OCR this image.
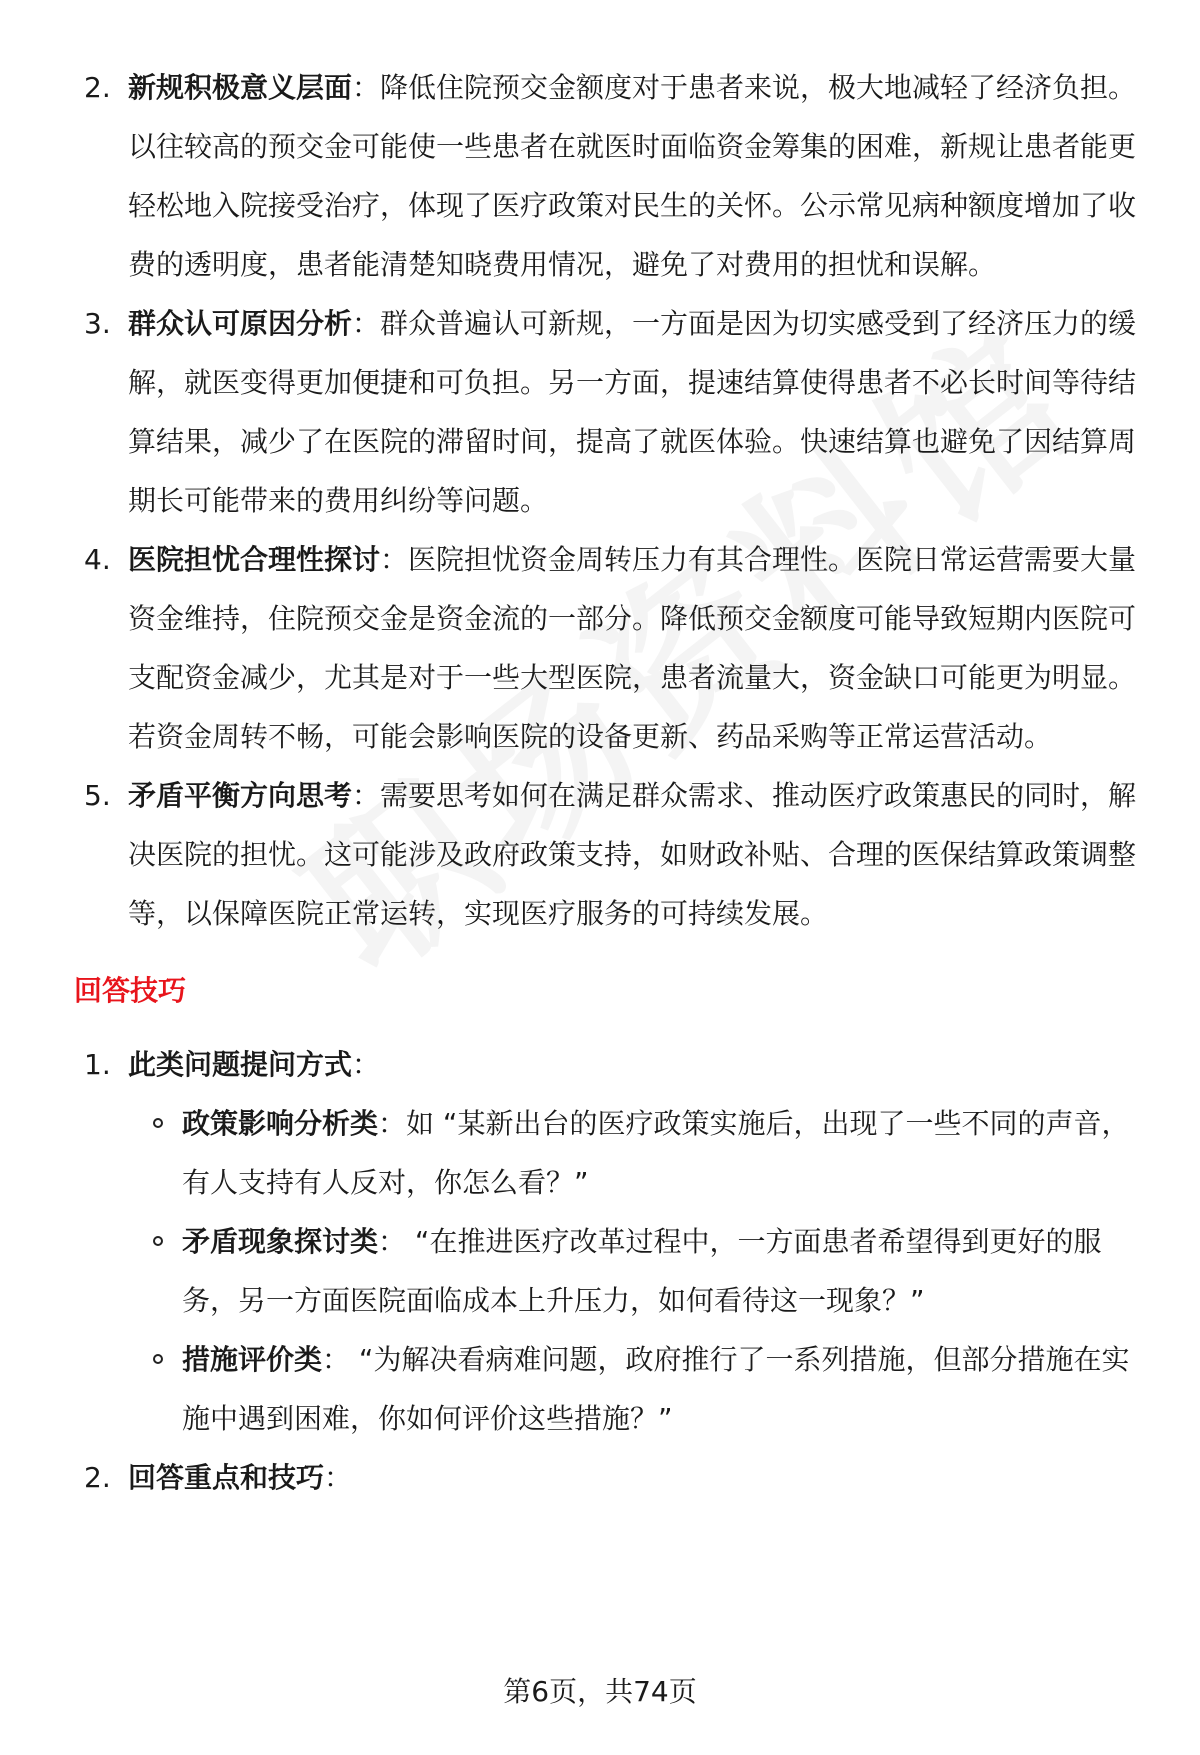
2. 新规积极意义层面：降低住院预交金额度对于患者来说，极大地减轻了经济负担。以往较高的预交金可能使一些患者在就医时面临资金筹集的困难，新规让患者能更轻松地入院接受治疗，体现了医疗政策对民生的关怀。公示常见病种额度增加了收费的透明度，患者能清楚知晓费用情况，避免了对费用的担忧和误解。
3. 群众认可原因分析：群众普遍认可新规，一方面是因为切实感受到了经济压力的缓解，就医变得更加便捷和可负担。另一方面，提速结算使得患者不必长时间等待结算结果，减少了在医院的滞留时间，提高了就医体验。快速结算也避免了因结算周期长可能带来的费用纠纷等问题。
4. 医院担忧合理性探讨：医院担忧资金周转压力有其合理性。医院日常运营需要大量资金维持，住院预交金是资金流的一部分。降低预交金额度可能导致短期内医院可支配资金减少，尤其是对于一些大型医院，患者流量大，资金缺口可能更为明显。若资金周转不畅，可能会影响医院的设备更新、药品采购等正常运营活动。
5. 矛盾平衡方向思考：需要思考如何在满足群众需求、推动医疗政策惠民的同时，解决医院的担忧。这可能涉及政府政策支持，如财政补贴、合理的医保结算政策调整等，以保障医院正常运转，实现医疗服务的可持续发展。
回答技巧
1. 此类问题提问方式：
政策影响分析类：如 “某新出台的医疗政策实施后，出现了一些不同的声音，有人支持有人反对，你怎么看？”
矛盾现象探讨类： “在推进医疗改革过程中，一方面患者希望得到更好的服务，另一方面医院面临成本上升压力，如何看待这一现象？”
措施评价类： “为解决看病难问题，政府推行了一系列措施，但部分措施在实施中遇到困难，你如何评价这些措施？”
2. 回答重点和技巧：
第6页，共74页
